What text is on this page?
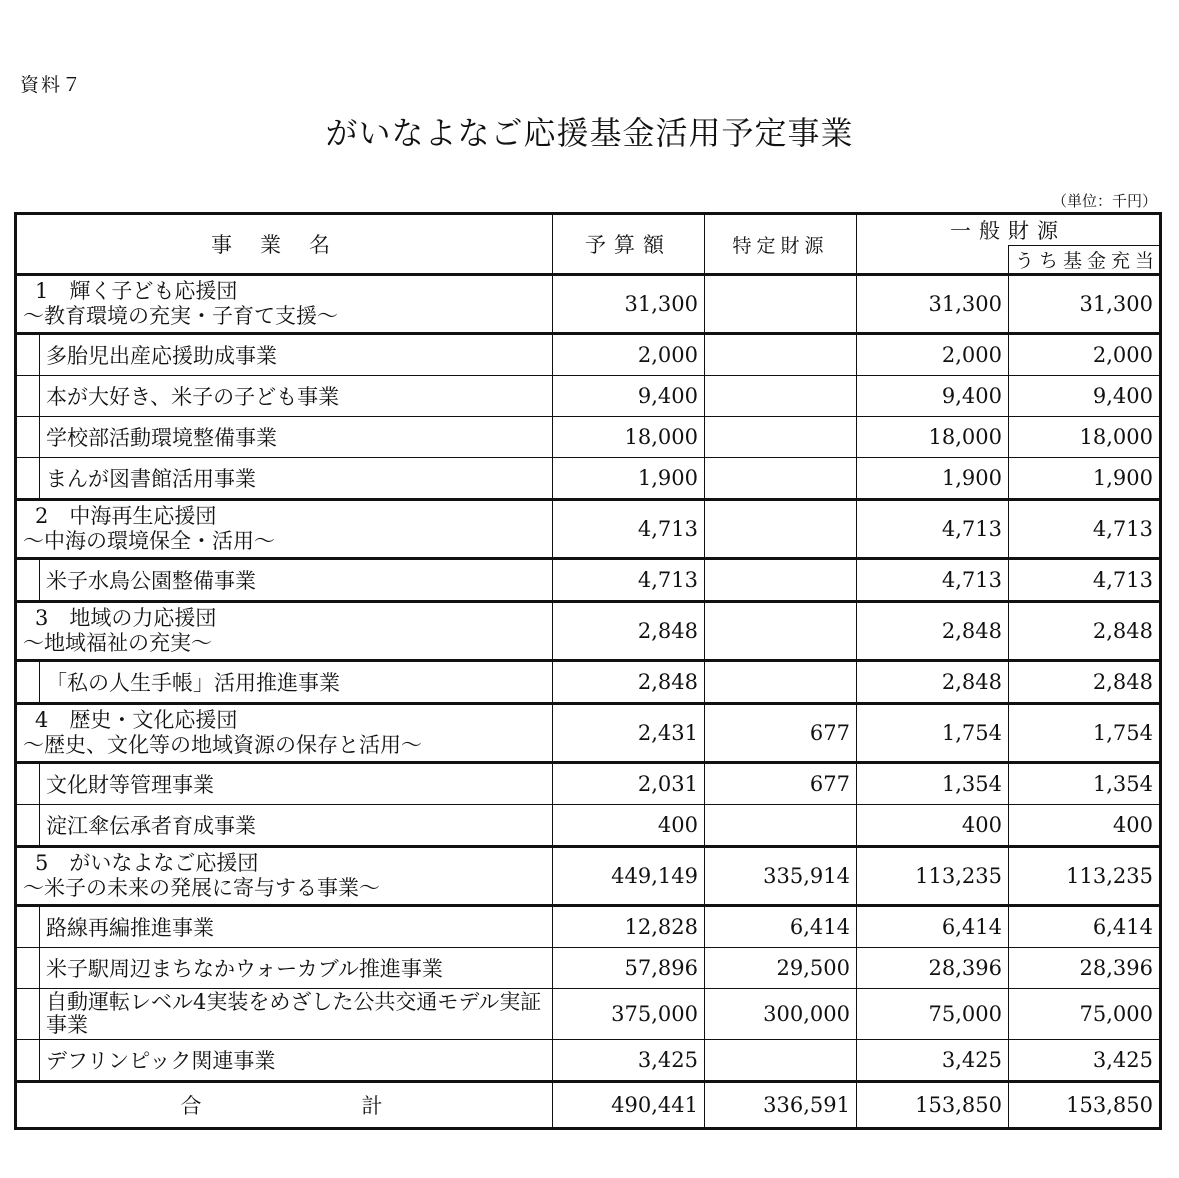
資料７
がいなよなご応援基金活用予定事業
（単位：千円）
事業名	予算額	特定財源	一般財源	
				うち基金充当

1　輝く子ども応援団
～教育環境の充実・子育て支援～	31,300		31,300	31,300

多胎児出産応援助成事業	2,000		2,000	2,000

本が大好き、米子の子ども事業	9,400		9,400	9,400

学校部活動環境整備事業	18,000		18,000	18,000

まんが図書館活用事業	1,900		1,900	1,900

2　中海再生応援団
～中海の環境保全・活用～	4,713		4,713	4,713

米子水鳥公園整備事業	4,713		4,713	4,713

3　地域の力応援団
～地域福祉の充実～	2,848		2,848	2,848

「私の人生手帳」活用推進事業	2,848		2,848	2,848

4　歴史・文化応援団
～歴史、文化等の地域資源の保存と活用～	2,431	677	1,754	1,754

文化財等管理事業	2,031	677	1,354	1,354

淀江傘伝承者育成事業	400		400	400

5　がいなよなご応援団
～米子の未来の発展に寄与する事業～	449,149	335,914	113,235	113,235

路線再編推進事業	12,828	6,414	6,414	6,414

米子駅周辺まちなかウォーカブル推進事業	57,896	29,500	28,396	28,396

自動運転レベル4実装をめざした公共交通モデル実証事業	375,000	300,000	75,000	75,000

デフリンピック関連事業	3,425		3,425	3,425
合計	490,441	336,591	153,850	153,850
